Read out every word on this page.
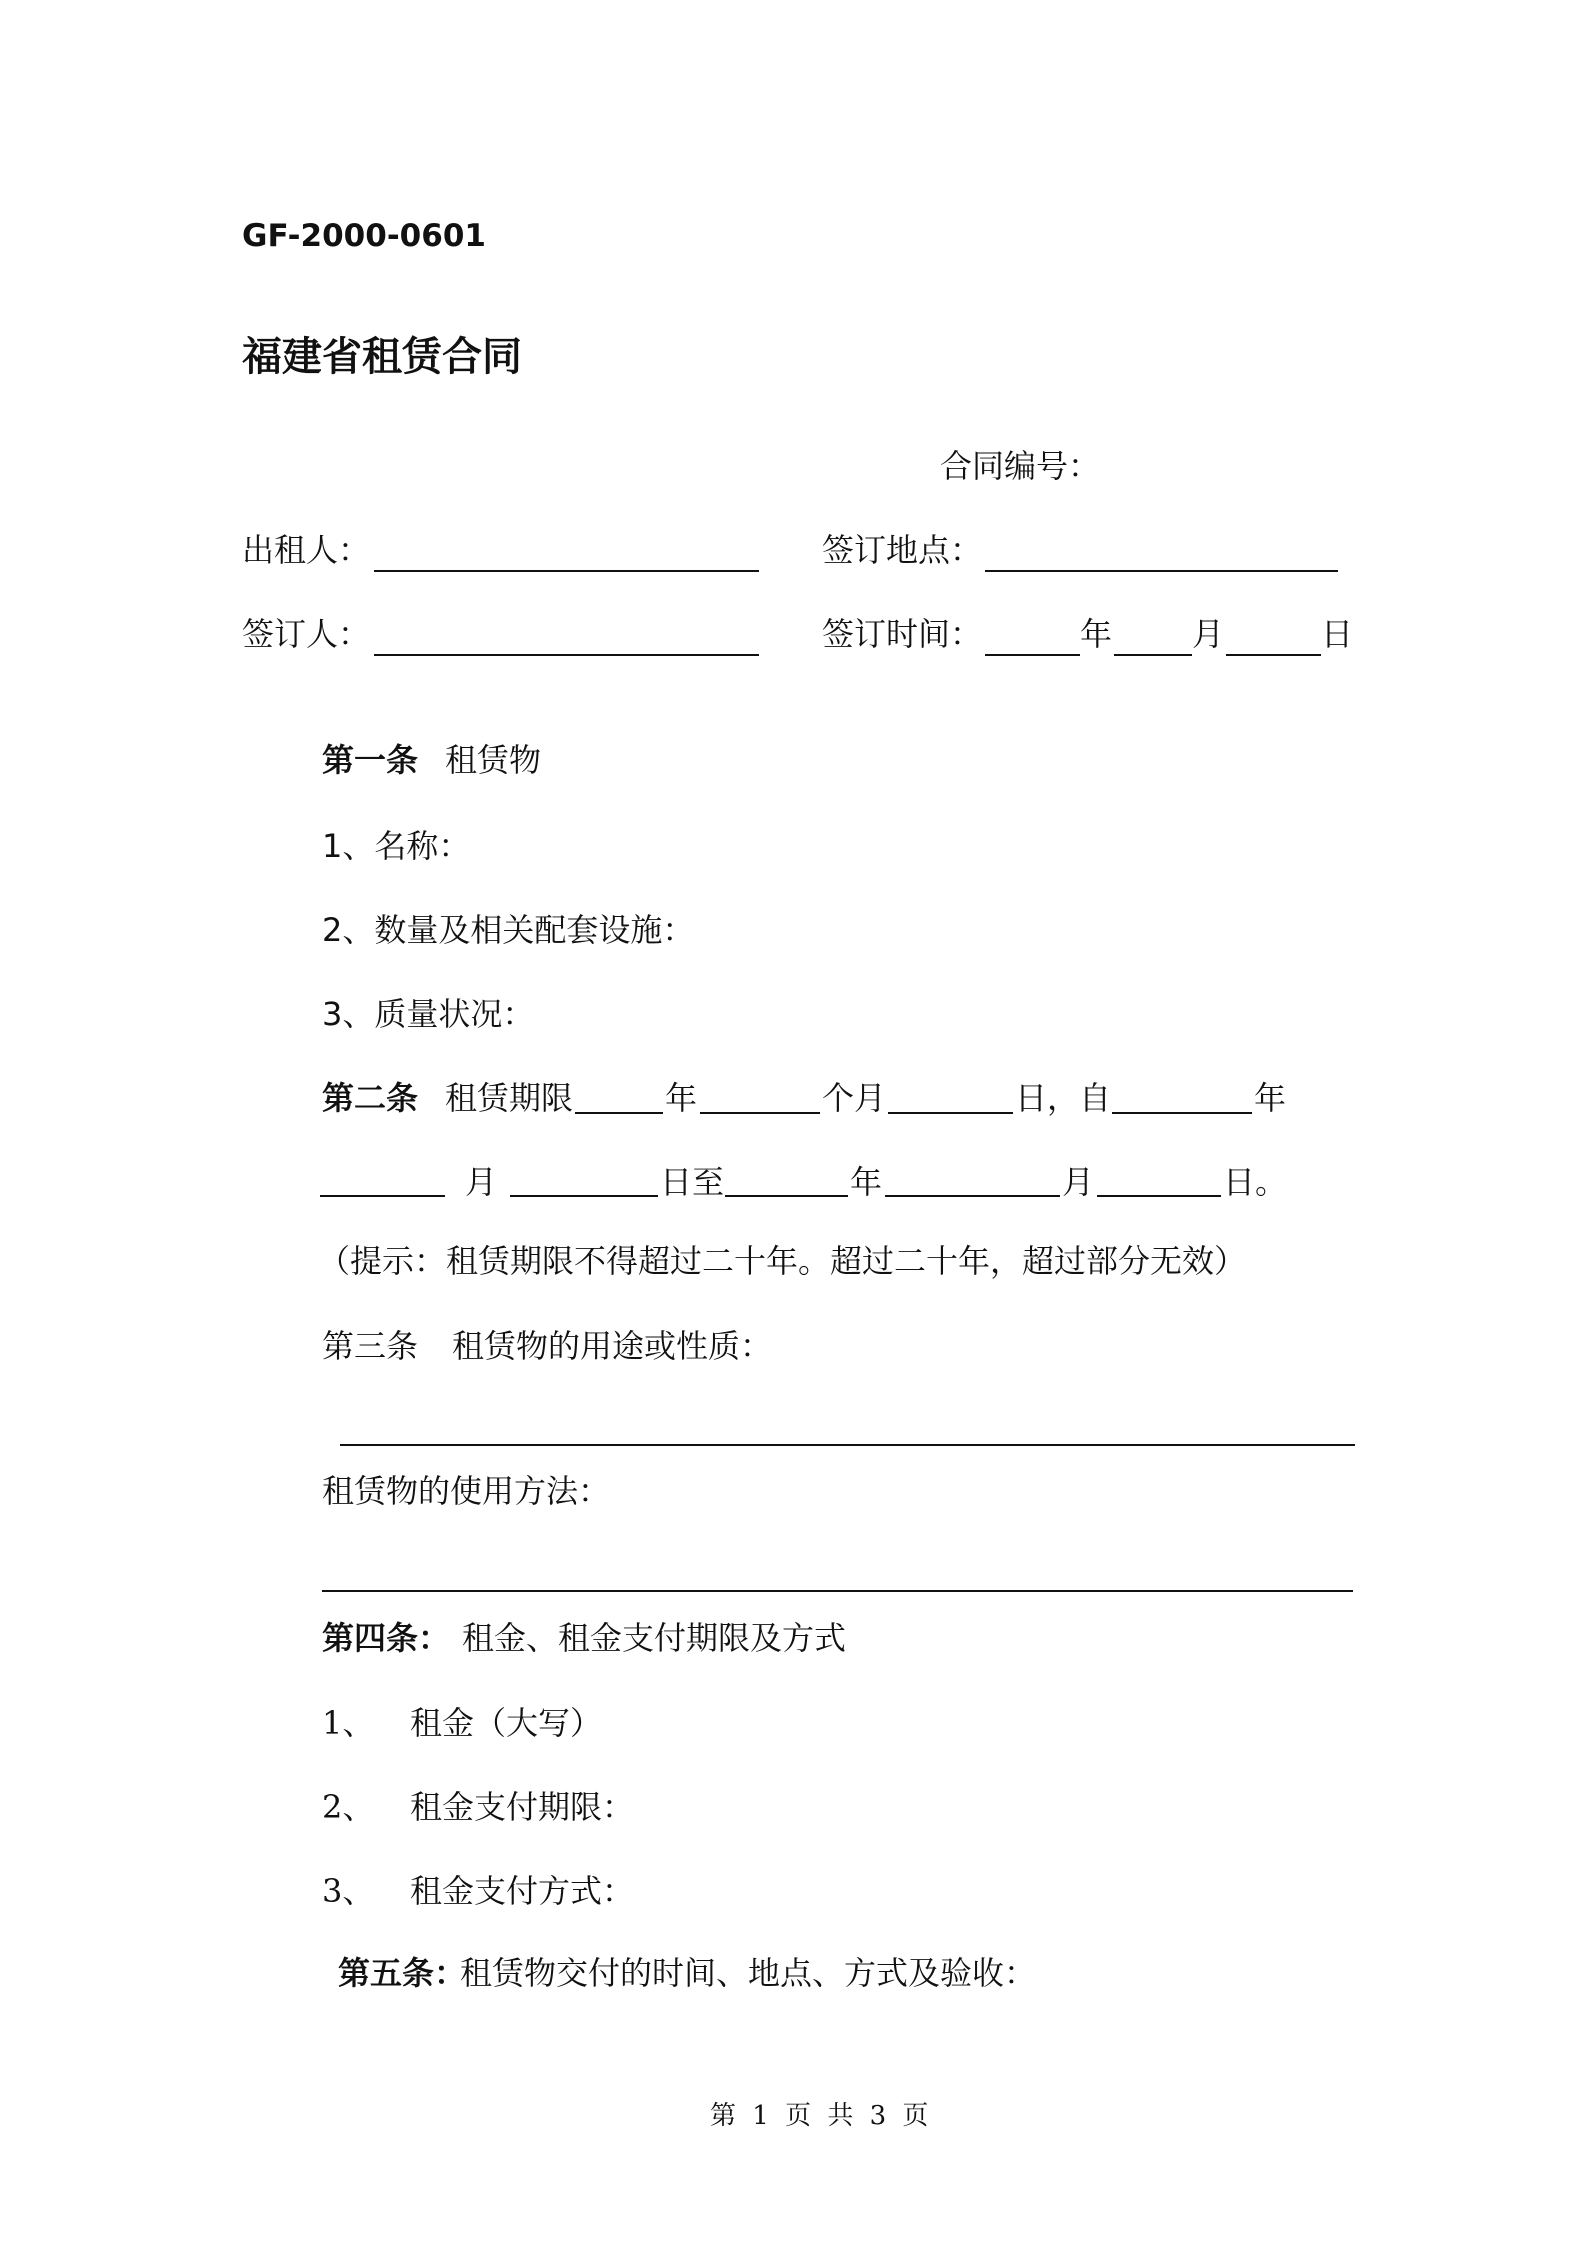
GF-2000-0601
福建省租赁合同
合同编号：
出租人：	签订地点：
签订人：	签订时间：	年 月	日
第一条 租赁物
1、名称：
2、数量及相关配套设施：
3、质量状况：
第二条 租赁期限	年	个月	日，自	年
月	日至	年	月	日。
（提示：租赁期限不得超过二十年。超过二十年，超过部分无效）
第三条 租赁物的用途或性质：
租赁物的使用方法：
第四条： 租金、租金支付期限及方式
1、 租金（大写）
2、 租金支付期限：
3、 租金支付方式：
第五条：
租赁物交付的时间、地点、方式及验收：
第 1 页 共 3 页
